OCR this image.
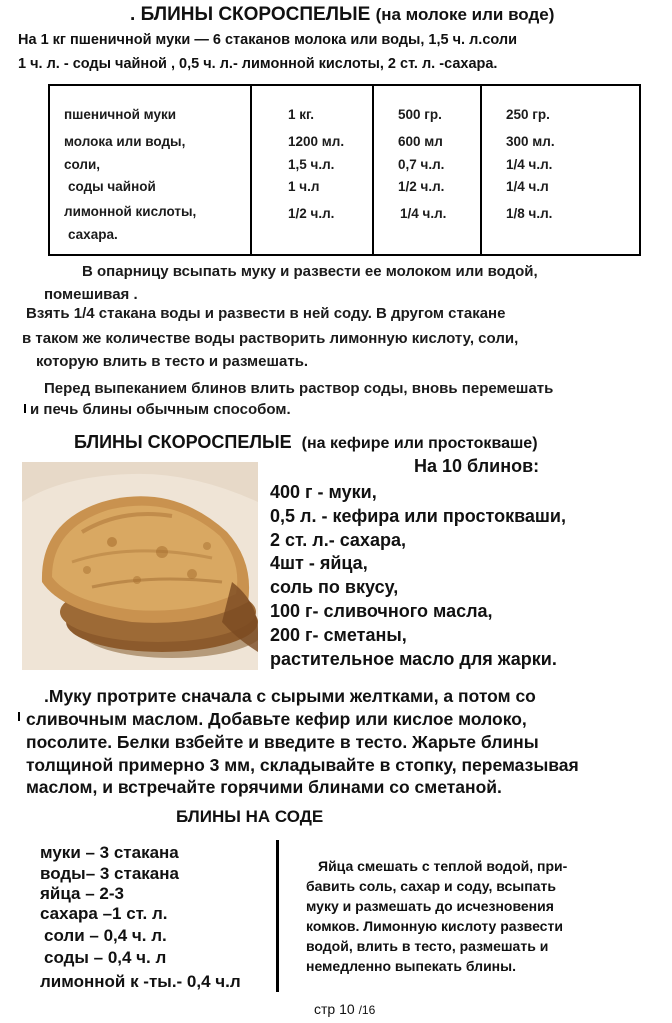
. БЛИНЫ СКОРОСПЕЛЫЕ (на молоке или воде)
На 1 кг пшеничной муки — 6 стаканов молока или воды, 1,5 ч. л.соли
1 ч. л. - соды чайной , 0,5 ч. л.- лимонной кислоты, 2 ст. л. -сахара.
пшеничной муки	1 кг.	500 гр.	250 гр.
молока или воды,	1200 мл.	600 мл	300 мл.
соли,	1,5 ч.л.	0,7 ч.л.	1/4 ч.л.
соды чайной	1 ч.л	1/2 ч.л.	1/4 ч.л
лимонной кислоты,	1/2 ч.л.	1/4 ч.л.	1/8 ч.л.
сахара.
В опарницу всыпать муку и развести ее молоком или водой,
помешивая .
Взять 1/4 стакана воды и развести в ней соду. В другом стакане
в таком же количестве воды растворить лимонную кислоту, соли,
которую влить в тесто и размешать.
Перед выпеканием блинов влить раствор соды, вновь перемешать
и печь блины обычным способом.
БЛИНЫ СКОРОСПЕЛЫЕ (на кефире или простокваше)
На 10 блинов:
400 г - муки,
0,5 л. - кефира или простокваши,
2 ст. л.- сахара,
4шт - яйца,
соль по вкусу,
100 г- сливочного масла,
200 г- сметаны,
растительное масло для жарки.
.Муку протрите сначала с сырыми желтками, а потом со
сливочным маслом. Добавьте кефир или кислое молоко,
посолите. Белки взбейте и введите в тесто. Жарьте блины
толщиной примерно 3 мм, складывайте в стопку, перемазывая
маслом, и встречайте горячими блинами со сметаной.
БЛИНЫ НА СОДЕ
муки – 3 стакана
воды– 3 стакана
яйца – 2-3
сахара –1 ст. л.
соли – 0,4 ч. л.
соды – 0,4 ч. л
лимонной к -ты.- 0,4 ч.л
Яйца смешать с теплой водой, при-
бавить соль, сахар и соду, всыпать
муку и размешать до исчезновения
комков. Лимонную кислоту развести
водой, влить в тесто, размешать и
немедленно выпекать блины.
стр 10 /16
